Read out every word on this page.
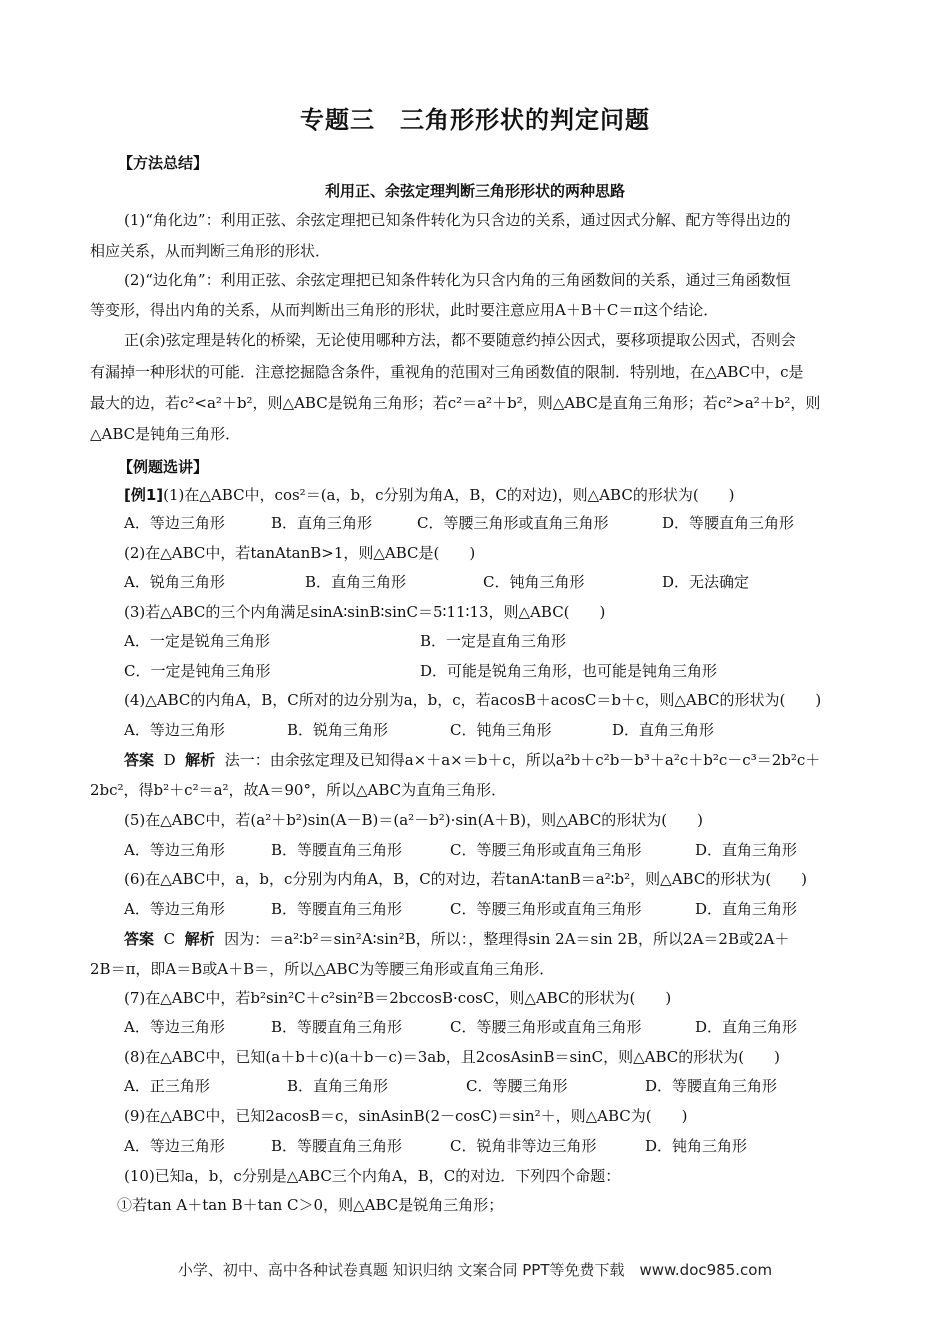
专题三　三角形形状的判定问题
【方法总结】
利用正、余弦定理判断三角形形状的两种思路
(1)“角化边”：利用正弦、余弦定理把已知条件转化为只含边的关系，通过因式分解、配方等得出边的
相应关系，从而判断三角形的形状．
(2)“边化角”：利用正弦、余弦定理把已知条件转化为只含内角的三角函数间的关系，通过三角函数恒
等变形，得出内角的关系，从而判断出三角形的形状，此时要注意应用A＋B＋C＝π这个结论．
正(余)弦定理是转化的桥梁，无论使用哪种方法，都不要随意约掉公因式，要移项提取公因式，否则会
有漏掉一种形状的可能．注意挖掘隐含条件，重视角的范围对三角函数值的限制．特别地，在△ABC中，c是
最大的边，若c²<a²＋b²，则△ABC是锐角三角形；若c²＝a²＋b²，则△ABC是直角三角形；若c²>a²＋b²，则
△ABC是钝角三角形．
【例题选讲】
[例1](1)在△ABC中，cos²＝(a，b，c分别为角A，B，C的对边)，则△ABC的形状为(　　)
A．等边三角形	B．直角三角形	C．等腰三角形或直角三角形	D．等腰直角三角形
(2)在△ABC中，若tanAtanB>1，则△ABC是(　　)
A．锐角三角形	B．直角三角形	C．钝角三角形	D．无法确定
(3)若△ABC的三个内角满足sinA∶sinB∶sinC＝5∶11∶13，则△ABC(　　)
A．一定是锐角三角形	B．一定是直角三角形
C．一定是钝角三角形	D．可能是锐角三角形，也可能是钝角三角形
(4)△ABC的内角A，B，C所对的边分别为a，b，c，若acosB＋acosC＝b＋c，则△ABC的形状为(　　)
A．等边三角形	B．锐角三角形	C．钝角三角形	D．直角三角形
答案 D 解析 法一：由余弦定理及已知得a×＋a×＝b＋c，所以a²b＋c²b－b³＋a²c＋b²c－c³＝2b²c＋
2bc²，得b²＋c²＝a²，故A＝90°，所以△ABC为直角三角形．
(5)在△ABC中，若(a²＋b²)sin(A－B)＝(a²－b²)·sin(A＋B)，则△ABC的形状为(　　)
A．等边三角形	B．等腰直角三角形	C．等腰三角形或直角三角形	D．直角三角形
(6)在△ABC中，a，b，c分别为内角A，B，C的对边，若tanA∶tanB＝a²∶b²，则△ABC的形状为(　　)
A．等边三角形	B．等腰直角三角形	C．等腰三角形或直角三角形	D．直角三角形
答案 C 解析 因为：＝a²∶b²＝sin²A∶sin²B，所以：，整理得sin 2A＝sin 2B，所以2A＝2B或2A＋
2B＝π，即A＝B或A＋B＝，所以△ABC为等腰三角形或直角三角形．
(7)在△ABC中，若b²sin²C＋c²sin²B＝2bccosB·cosC，则△ABC的形状为(　　)
A．等边三角形	B．等腰直角三角形	C．等腰三角形或直角三角形	D．直角三角形
(8)在△ABC中，已知(a＋b＋c)(a＋b－c)＝3ab，且2cosAsinB＝sinC，则△ABC的形状为(　　)
A．正三角形	B．直角三角形	C．等腰三角形	D．等腰直角三角形
(9)在△ABC中，已知2acosB＝c，sinAsinB(2－cosC)＝sin²＋，则△ABC为(　　)
A．等边三角形	B．等腰直角三角形	C．锐角非等边三角形	D．钝角三角形
(10)已知a，b，c分别是△ABC三个内角A，B，C的对边．下列四个命题：
①若tan A＋tan B＋tan C＞0，则△ABC是锐角三角形；
小学、初中、高中各种试卷真题 知识归纳 文案合同 PPT等免费下载　www.doc985.com
